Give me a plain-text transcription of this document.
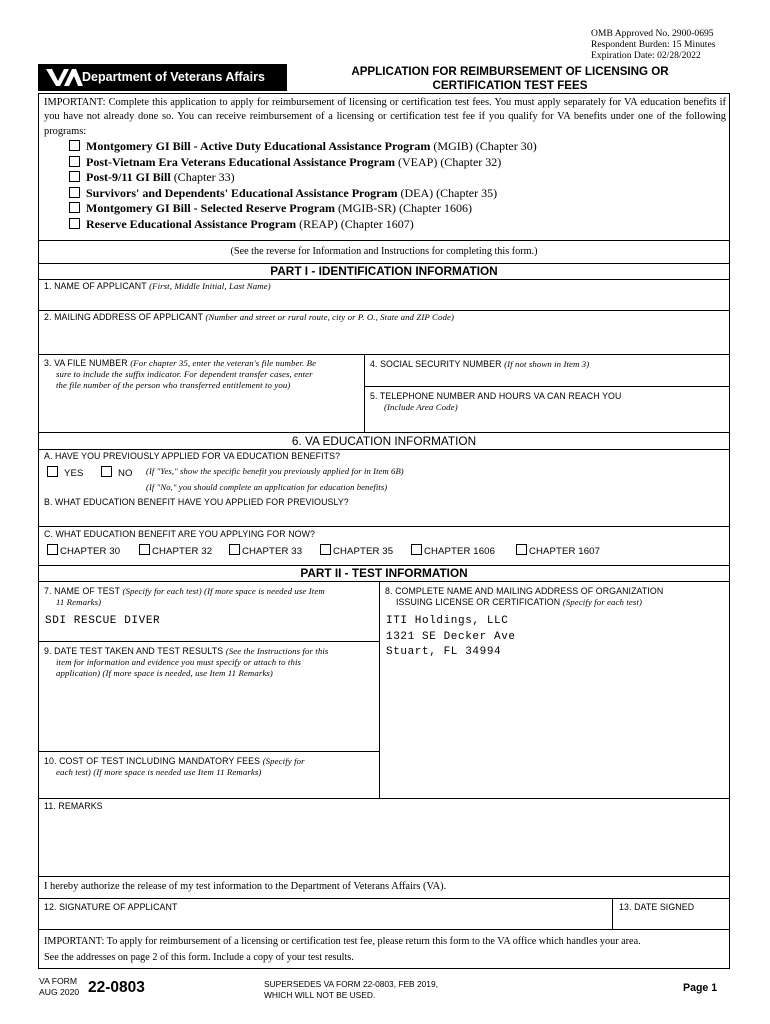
OMB Approved No. 2900-0695
Respondent Burden: 15 Minutes
Expiration Date: 02/28/2022
Department of Veterans Affairs	APPLICATION FOR REIMBURSEMENT OF LICENSING OR
CERTIFICATION TEST FEES
IMPORTANT: Complete this application to apply for reimbursement of licensing or certification test fees. You must apply separately for VA education benefits if you have not already done so. You can receive reimbursement of a licensing or certification test fee if you qualify for VA benefits under one of the following programs:
Montgomery GI Bill - Active Duty Educational Assistance Program (MGIB) (Chapter 30)
Post-Vietnam Era Veterans Educational Assistance Program (VEAP) (Chapter 32)
Post-9/11 GI Bill (Chapter 33)
Survivors' and Dependents' Educational Assistance Program (DEA) (Chapter 35)
Montgomery GI Bill - Selected Reserve Program (MGIB-SR) (Chapter 1606)
Reserve Educational Assistance Program (REAP) (Chapter 1607)
(See the reverse for Information and Instructions for completing this form.)
PART I - IDENTIFICATION INFORMATION
1. NAME OF APPLICANT (First, Middle Initial, Last Name)
2. MAILING ADDRESS OF APPLICANT (Number and street or rural route, city or P. O., State and ZIP Code)
3. VA FILE NUMBER (For chapter 35, enter the veteran's file number. Be
sure to include the suffix indicator. For dependent transfer cases, enter
the file number of the person who transferred entitlement to you)
4. SOCIAL SECURITY NUMBER (If not shown in Item 3)
5. TELEPHONE NUMBER AND HOURS VA CAN REACH YOU
(Include Area Code)
6. VA EDUCATION INFORMATION
A. HAVE YOU PREVIOUSLY APPLIED FOR VA EDUCATION BENEFITS?
YES	NO (If "Yes," show the specific benefit you previously applied for in Item 6B)
(If "No," you should complete an application for education benefits)
B. WHAT EDUCATION BENEFIT HAVE YOU APPLIED FOR PREVIOUSLY?
C. WHAT EDUCATION BENEFIT ARE YOU APPLYING FOR NOW?
CHAPTER 30	CHAPTER 32	CHAPTER 33	CHAPTER 35	CHAPTER 1606	CHAPTER 1607
PART II - TEST INFORMATION
7. NAME OF TEST (Specify for each test) (If more space is needed use Item
11 Remarks)
SDI RESCUE DIVER
8. COMPLETE NAME AND MAILING ADDRESS OF ORGANIZATION
ISSUING LICENSE OR CERTIFICATION (Specify for each test)
ITI Holdings, LLC
1321 SE Decker Ave
Stuart, FL 34994
9. DATE TEST TAKEN AND TEST RESULTS (See the Instructions for this
item for information and evidence you must specify or attach to this
application) (If more space is needed, use Item 11 Remarks)
10. COST OF TEST INCLUDING MANDATORY FEES (Specify for
each test) (If more space is needed use Item 11 Remarks)
11. REMARKS
I hereby authorize the release of my test information to the Department of Veterans Affairs (VA).
12. SIGNATURE OF APPLICANT	13. DATE SIGNED
IMPORTANT: To apply for reimbursement of a licensing or certification test fee, please return this form to the VA office which handles your area.
See the addresses on page 2 of this form. Include a copy of your test results.
VA FORM
AUG 2020 22-0803	SUPERSEDES VA FORM 22-0803, FEB 2019,
WHICH WILL NOT BE USED.
Page 1
